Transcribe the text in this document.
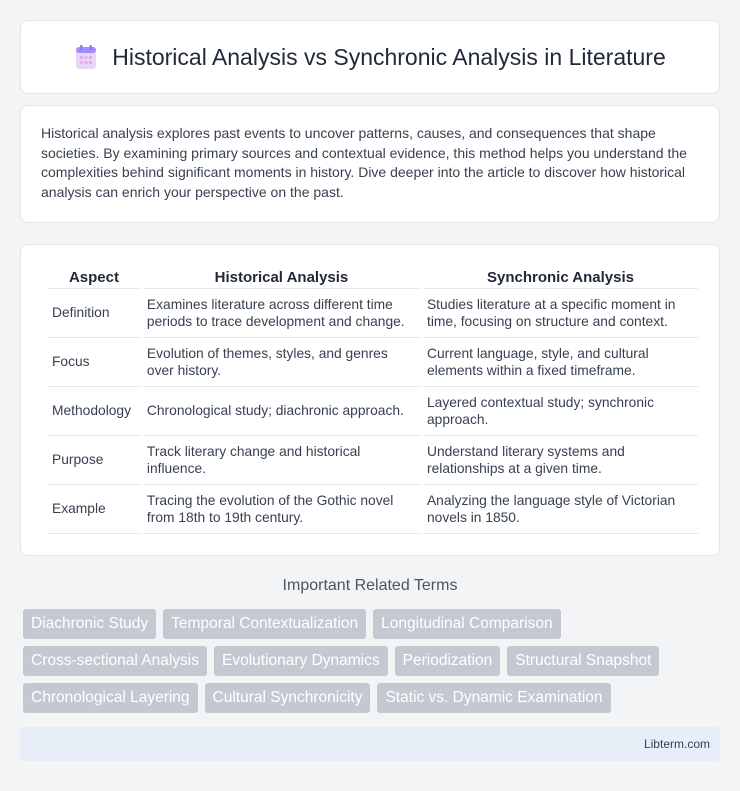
Historical Analysis vs Synchronic Analysis in Literature

Historical analysis explores past events to uncover patterns, causes, and consequences that shape societies. By examining primary sources and contextual evidence, this method helps you understand the complexities behind significant moments in history. Dive deeper into the article to discover how historical analysis can enrich your perspective on the past.

Aspect	Historical Analysis	Synchronic Analysis
Definition	Examines literature across different time periods to trace development and change.	Studies literature at a specific moment in time, focusing on structure and context.
Focus	Evolution of themes, styles, and genres over history.	Current language, style, and cultural elements within a fixed timeframe.
Methodology	Chronological study; diachronic approach.	Layered contextual study; synchronic approach.
Purpose	Track literary change and historical influence.	Understand literary systems and relationships at a given time.
Example	Tracing the evolution of the Gothic novel from 18th to 19th century.	Analyzing the language style of Victorian novels in 1850.
Important Related Terms
Diachronic Study	Temporal Contextualization	Longitudinal Comparison
Cross-sectional Analysis	Evolutionary Dynamics	Periodization	Structural Snapshot
Chronological Layering	Cultural Synchronicity	Static vs. Dynamic Examination
Libterm.com
